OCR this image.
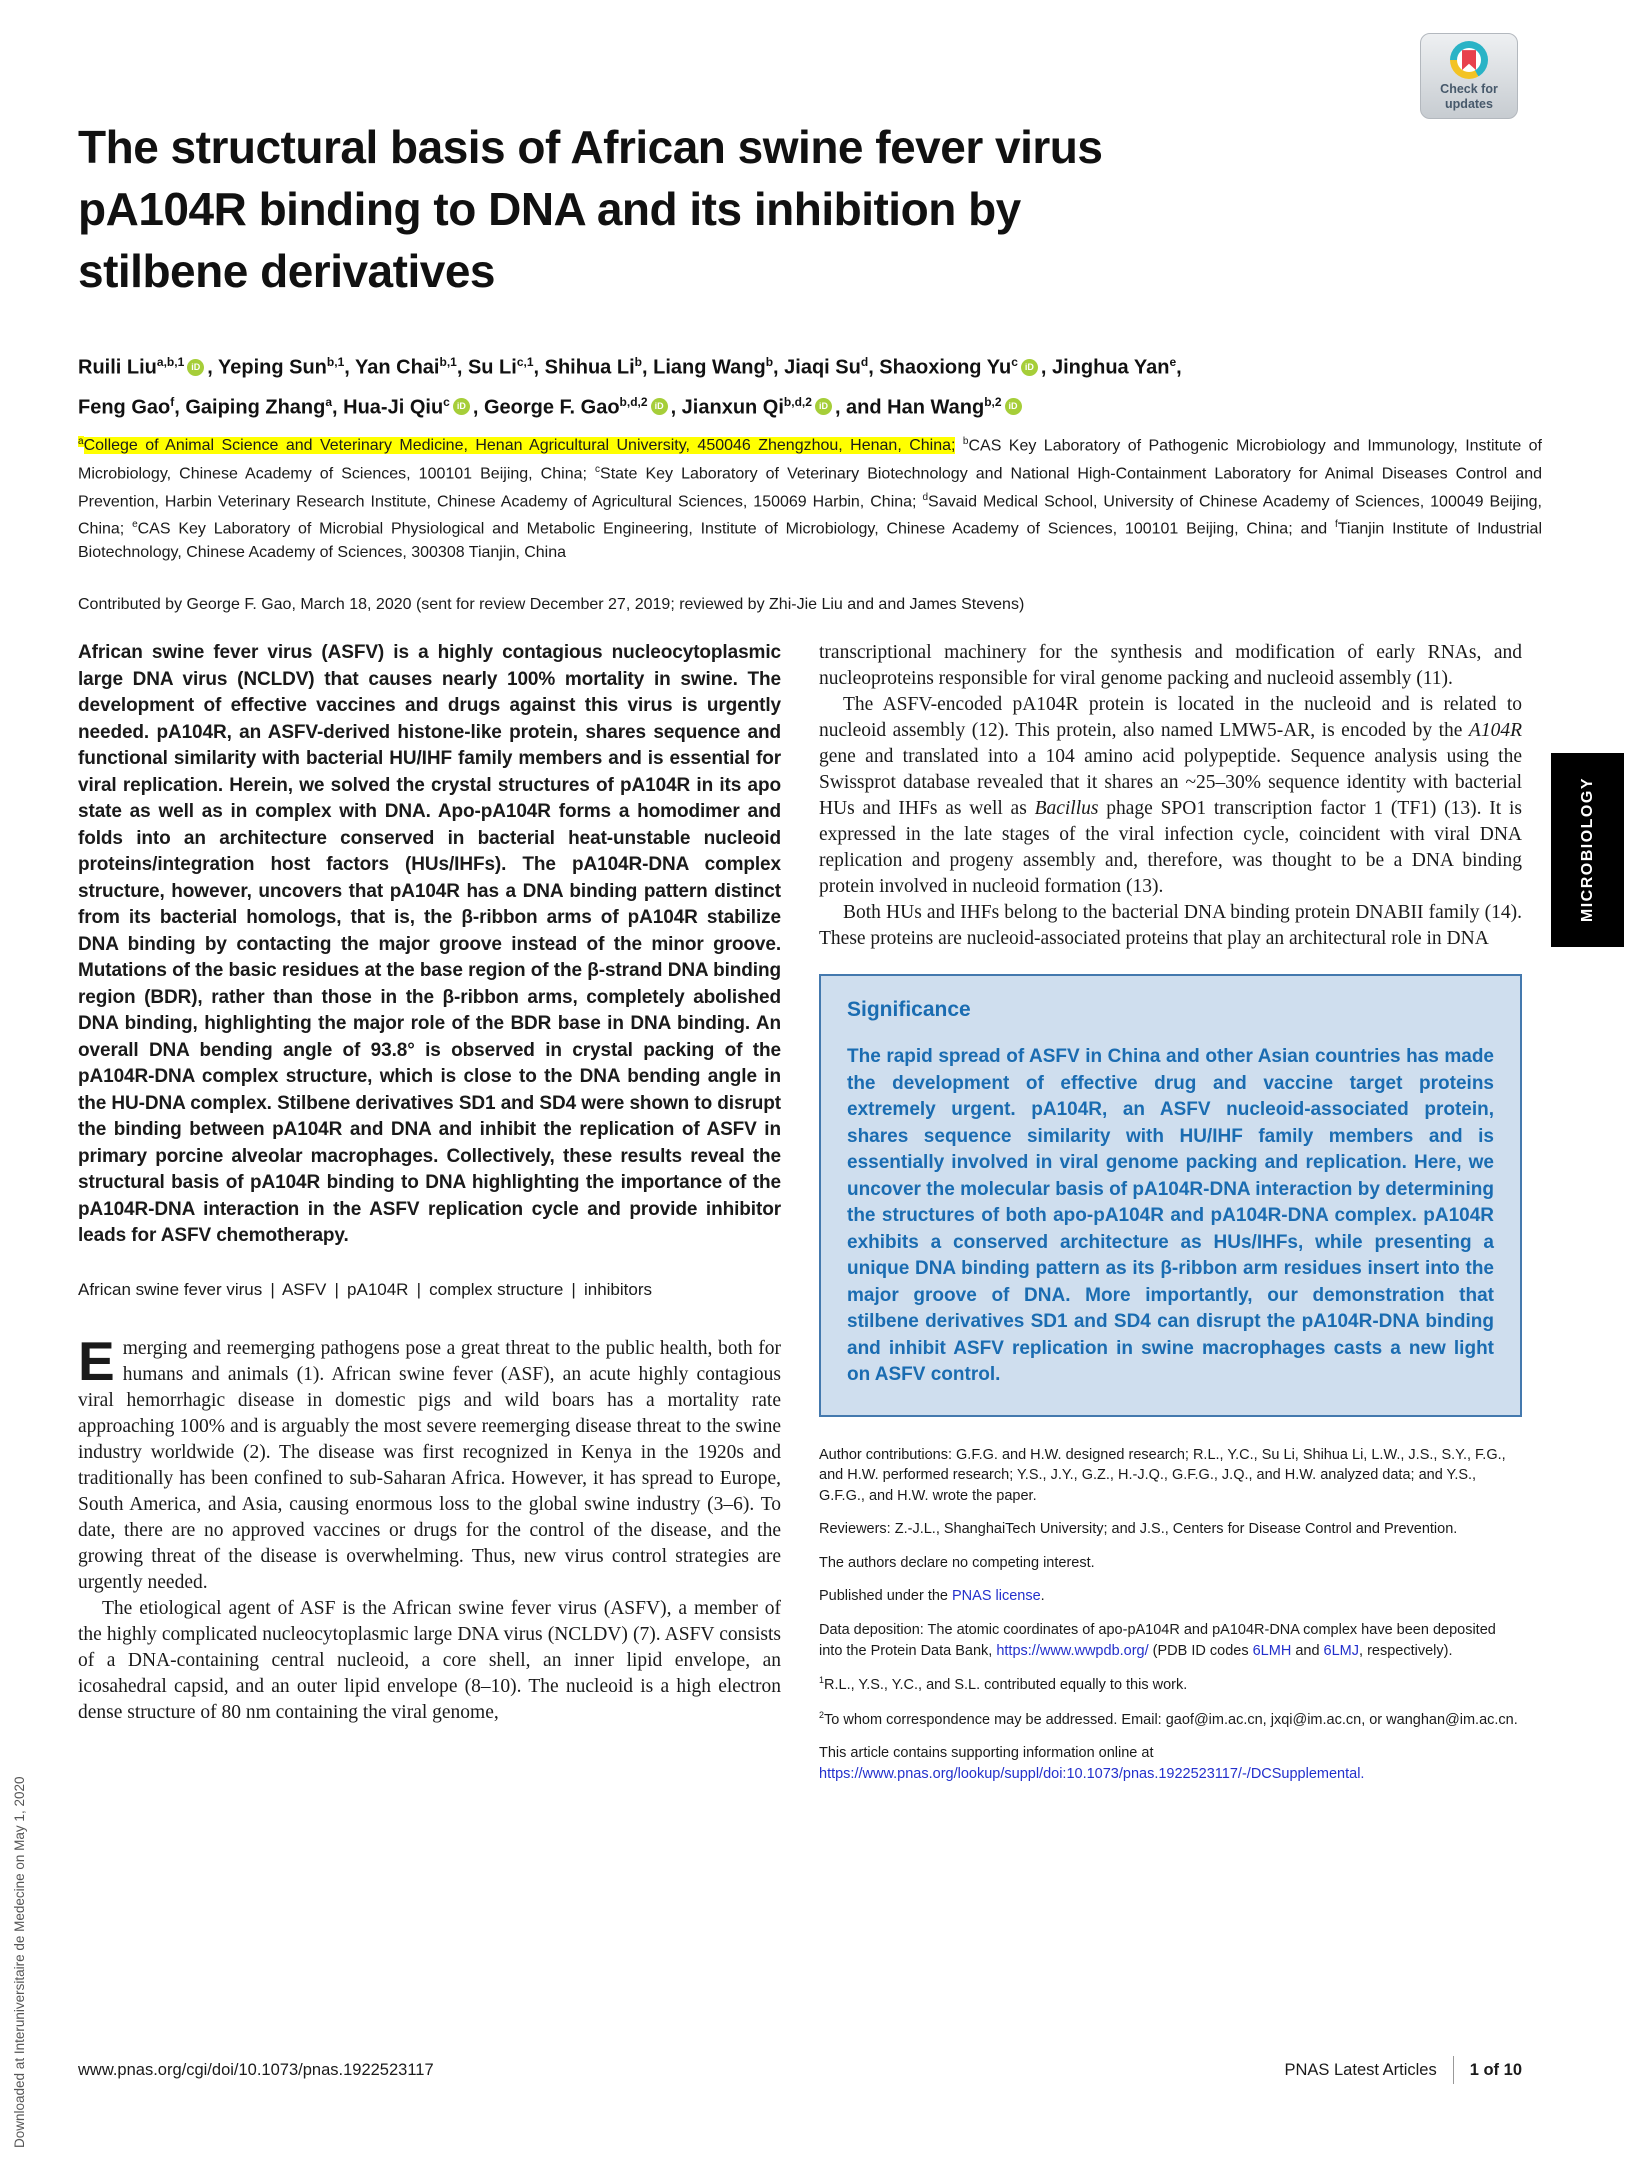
Check for updates
The structural basis of African swine fever virus pA104R binding to DNA and its inhibition by stilbene derivatives
Ruili Liu$^{a,b,1}$ iD , Yeping Sun$^{b,1}$, Yan Chai$^{b,1}$, Su Li$^{c,1}$, Shihua Li$^b$, Liang Wang$^b$, Jiaqi Su$^d$, Shaoxiong Yu$^c$ iD , Jinghua Yan$^e$,
Feng Gao$^f$, Gaiping Zhang$^a$, Hua-Ji Qiu$^c$ iD , George F. Gao$^{b,d,2}$ iD , Jianxun Qi$^{b,d,2}$ iD , and Han Wang$^{b,2}$ iD
$^a$College of Animal Science and Veterinary Medicine, Henan Agricultural University, 450046 Zhengzhou, Henan, China; $^b$CAS Key Laboratory of Pathogenic Microbiology and Immunology, Institute of Microbiology, Chinese Academy of Sciences, 100101 Beijing, China; $^c$State Key Laboratory of Veterinary Biotechnology and National High-Containment Laboratory for Animal Diseases Control and Prevention, Harbin Veterinary Research Institute, Chinese Academy of Agricultural Sciences, 150069 Harbin, China; $^d$Savaid Medical School, University of Chinese Academy of Sciences, 100049 Beijing, China; $^e$CAS Key Laboratory of Microbial Physiological and Metabolic Engineering, Institute of Microbiology, Chinese Academy of Sciences, 100101 Beijing, China; and $^f$Tianjin Institute of Industrial Biotechnology, Chinese Academy of Sciences, 300308 Tianjin, China
Contributed by George F. Gao, March 18, 2020 (sent for review December 27, 2019; reviewed by Zhi-Jie Liu and and James Stevens)

African swine fever virus (ASFV) is a highly contagious nucleocytoplasmic large DNA virus (NCLDV) that causes nearly 100% mortality in swine. The development of effective vaccines and drugs against this virus is urgently needed. pA104R, an ASFV-derived histone-like protein, shares sequence and functional similarity with bacterial HU/IHF family members and is essential for viral replication. Herein, we solved the crystal structures of pA104R in its apo state as well as in complex with DNA. Apo-pA104R forms a homodimer and folds into an architecture conserved in bacterial heat-unstable nucleoid proteins/integration host factors (HUs/IHFs). The pA104R-DNA complex structure, however, uncovers that pA104R has a DNA binding pattern distinct from its bacterial homologs, that is, the β-ribbon arms of pA104R stabilize DNA binding by contacting the major groove instead of the minor groove. Mutations of the basic residues at the base region of the β-strand DNA binding region (BDR), rather than those in the β-ribbon arms, completely abolished DNA binding, highlighting the major role of the BDR base in DNA binding. An overall DNA bending angle of 93.8° is observed in crystal packing of the pA104R-DNA complex structure, which is close to the DNA bending angle in the HU-DNA complex. Stilbene derivatives SD1 and SD4 were shown to disrupt the binding between pA104R and DNA and inhibit the replication of ASFV in primary porcine alveolar macrophages. Collectively, these results reveal the structural basis of pA104R binding to DNA highlighting the importance of the pA104R-DNA interaction in the ASFV replication cycle and provide inhibitor leads for ASFV chemotherapy.

African swine fever virus  |  ASFV  |  pA104R  |  complex structure  |  inhibitors

Emerging and reemerging pathogens pose a great threat to the public health, both for humans and animals (1). African swine fever (ASF), an acute highly contagious viral hemorrhagic disease in domestic pigs and wild boars has a mortality rate approaching 100% and is arguably the most severe reemerging disease threat to the swine industry worldwide (2). The disease was first recognized in Kenya in the 1920s and traditionally has been confined to sub-Saharan Africa. However, it has spread to Europe, South America, and Asia, causing enormous loss to the global swine industry (3–6). To date, there are no approved vaccines or drugs for the control of the disease, and the growing threat of the disease is overwhelming. Thus, new virus control strategies are urgently needed.

The etiological agent of ASF is the African swine fever virus (ASFV), a member of the highly complicated nucleocytoplasmic large DNA virus (NCLDV) (7). ASFV consists of a DNA-containing central nucleoid, a core shell, an inner lipid envelope, an icosahedral capsid, and an outer lipid envelope (8–10). The nucleoid is a high electron dense structure of 80 nm containing the viral genome,

transcriptional machinery for the synthesis and modification of early RNAs, and nucleoproteins responsible for viral genome packing and nucleoid assembly (11).

The ASFV-encoded pA104R protein is located in the nucleoid and is related to nucleoid assembly (12). This protein, also named LMW5-AR, is encoded by the A104R gene and translated into a 104 amino acid polypeptide. Sequence analysis using the Swissprot database revealed that it shares an ~25–30% sequence identity with bacterial HUs and IHFs as well as Bacillus phage SPO1 transcription factor 1 (TF1) (13). It is expressed in the late stages of the viral infection cycle, coincident with viral DNA replication and progeny assembly and, therefore, was thought to be a DNA binding protein involved in nucleoid formation (13).

Both HUs and IHFs belong to the bacterial DNA binding protein DNABII family (14). These proteins are nucleoid-associated proteins that play an architectural role in DNA

Significance

The rapid spread of ASFV in China and other Asian countries has made the development of effective drug and vaccine target proteins extremely urgent. pA104R, an ASFV nucleoid-associated protein, shares sequence similarity with HU/IHF family members and is essentially involved in viral genome packing and replication. Here, we uncover the molecular basis of pA104R-DNA interaction by determining the structures of both apo-pA104R and pA104R-DNA complex. pA104R exhibits a conserved architecture as HUs/IHFs, while presenting a unique DNA binding pattern as its β-ribbon arm residues insert into the major groove of DNA. More importantly, our demonstration that stilbene derivatives SD1 and SD4 can disrupt the pA104R-DNA binding and inhibit ASFV replication in swine macrophages casts a new light on ASFV control.

Author contributions: G.F.G. and H.W. designed research; R.L., Y.C., Su Li, Shihua Li, L.W., J.S., S.Y., F.G., and H.W. performed research; Y.S., J.Y., G.Z., H.-J.Q., G.F.G., J.Q., and H.W. analyzed data; and Y.S., G.F.G., and H.W. wrote the paper.

Reviewers: Z.-J.L., ShanghaiTech University; and J.S., Centers for Disease Control and Prevention.

The authors declare no competing interest.

Published under the PNAS license.

Data deposition: The atomic coordinates of apo-pA104R and pA104R-DNA complex have been deposited into the Protein Data Bank, https://www.wwpdb.org/ (PDB ID codes 6LMH and 6LMJ, respectively).

$^1$R.L., Y.S., Y.C., and S.L. contributed equally to this work.

$^2$To whom correspondence may be addressed. Email: gaof@im.ac.cn, jxqi@im.ac.cn, or wanghan@im.ac.cn.

This article contains supporting information online at https://www.pnas.org/lookup/suppl/doi:10.1073/pnas.1922523117/-/DCSupplemental.

www.pnas.org/cgi/doi/10.1073/pnas.1922523117	PNAS Latest Articles 1 of 10
MICROBIOLOGY
Downloaded at Interuniversitaire de Medecine on May 1, 2020
